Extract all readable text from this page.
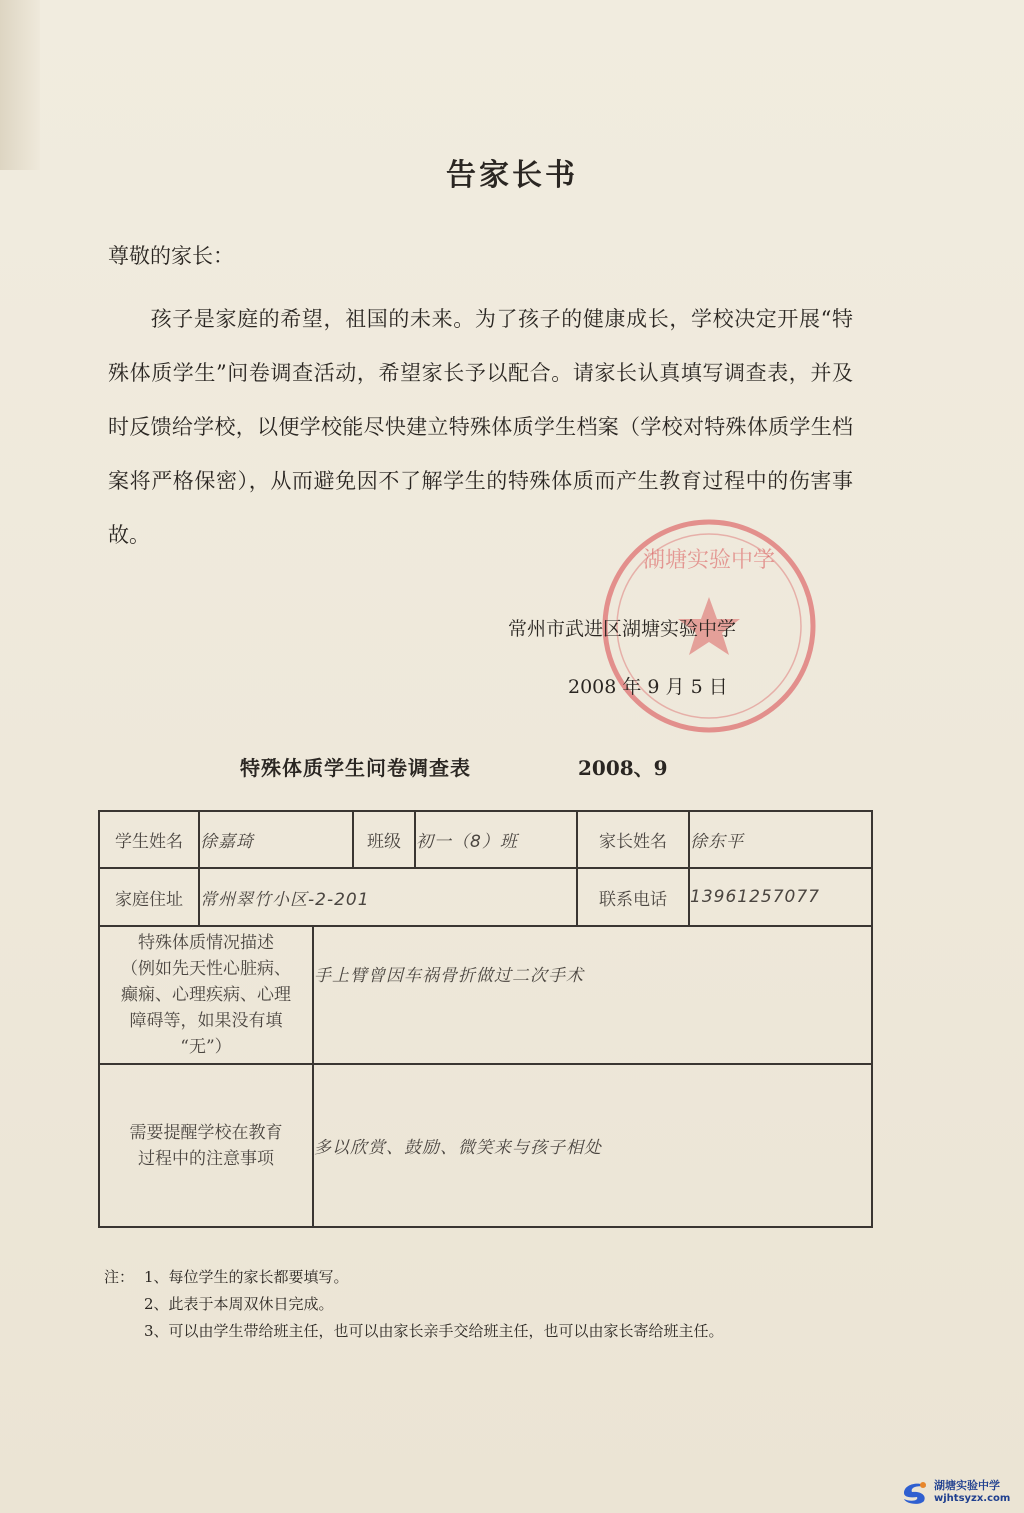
告家长书
尊敬的家长：

孩子是家庭的希望，祖国的未来。为了孩子的健康成长，学校决定开展“特殊体质学生”问卷调查活动，希望家长予以配合。请家长认真填写调查表，并及时反馈给学校，以便学校能尽快建立特殊体质学生档案（学校对特殊体质学生档案将严格保密），从而避免因不了解学生的特殊体质而产生教育过程中的伤害事故。

湖塘实验中学
常州市武进区湖塘实验中学
2008 年 9 月 5 日
特殊体质学生问卷调查表	2008、9
学生姓名	徐嘉琦		班级	初一（8）班	家长姓名	徐东平
家庭住址	常州翠竹小区-2-201				联系电话	13961257077

特殊体质情况描述
（例如先天性心脏病、
癫痫、心理疾病、心理
障碍等，如果没有填
“无”）		手上臂曾因车祸骨折做过二次手术				

需要提醒学校在教育
过程中的注意事项		多以欣赏、鼓励、微笑来与孩子相处				
注： 1、每位学生的家长都要填写。
2、此表于本周双休日完成。
3、可以由学生带给班主任，也可以由家长亲手交给班主任，也可以由家长寄给班主任。
湖塘实验中学
wjhtsyzx.com
